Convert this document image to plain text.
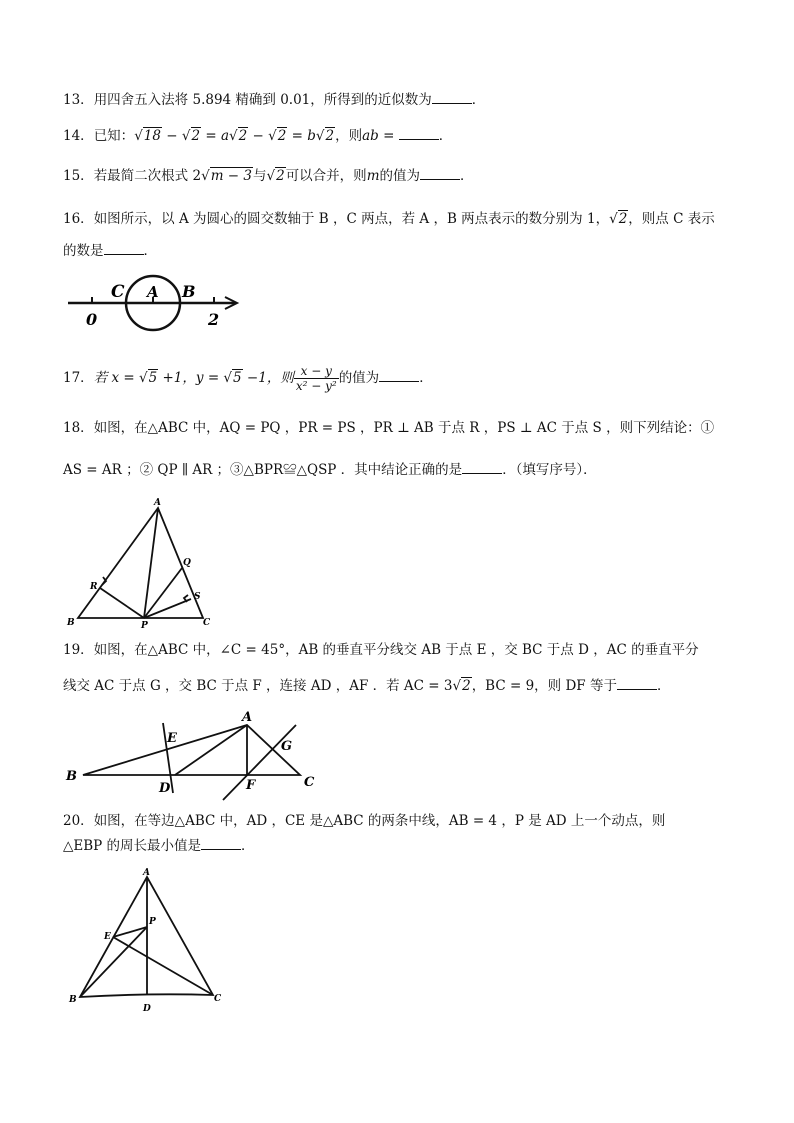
13．用四舍五入法将 5.894 精确到 0.01，所得到的近似数为	．
14．已知：√18 − √2 = a√2 − √2 = b√2，则ab =	．
15．若最简二次根式 2√m − 3与√2可以合并，则m的值为	．
16．如图所示，以 A 为圆心的圆交数轴于 B ，C 两点，若 A ，B 两点表示的数分别为 1，√2，则点 C 表示
的数是	．
C A B
0	2
17．若 x = √5 +1，y = √5 −1，则 $\frac{x - y}{\text{x² − y²}}$ 的值为	．
18．如图，在△ABC 中，AQ = PQ ，PR = PS ，PR ⊥ AB 于点 R ，PS ⊥ AC 于点 S ，则下列结论：①
AS = AR ；② QP ∥ AR ；③△BPR≌△QSP ．其中结论正确的是	．（填写序号）．
A
B	C
P
Q
R
S
19．如图，在△ABC 中，∠C = 45°，AB 的垂直平分线交 AB 于点 E ，交 BC 于点 D ，AC 的垂直平分
线交 AC 于点 G ，交 BC 于点 F ，连接 AD ，AF ．若 AC = 3√2，BC = 9，则 DF 等于	．
A
B	C
D
E
F
G
20．如图，在等边△ABC 中，AD ，CE 是△ABC 的两条中线，AB = 4 ，P 是 AD 上一个动点，则
△EBP 的周长最小值是	．
A
B	C
D
E
P
